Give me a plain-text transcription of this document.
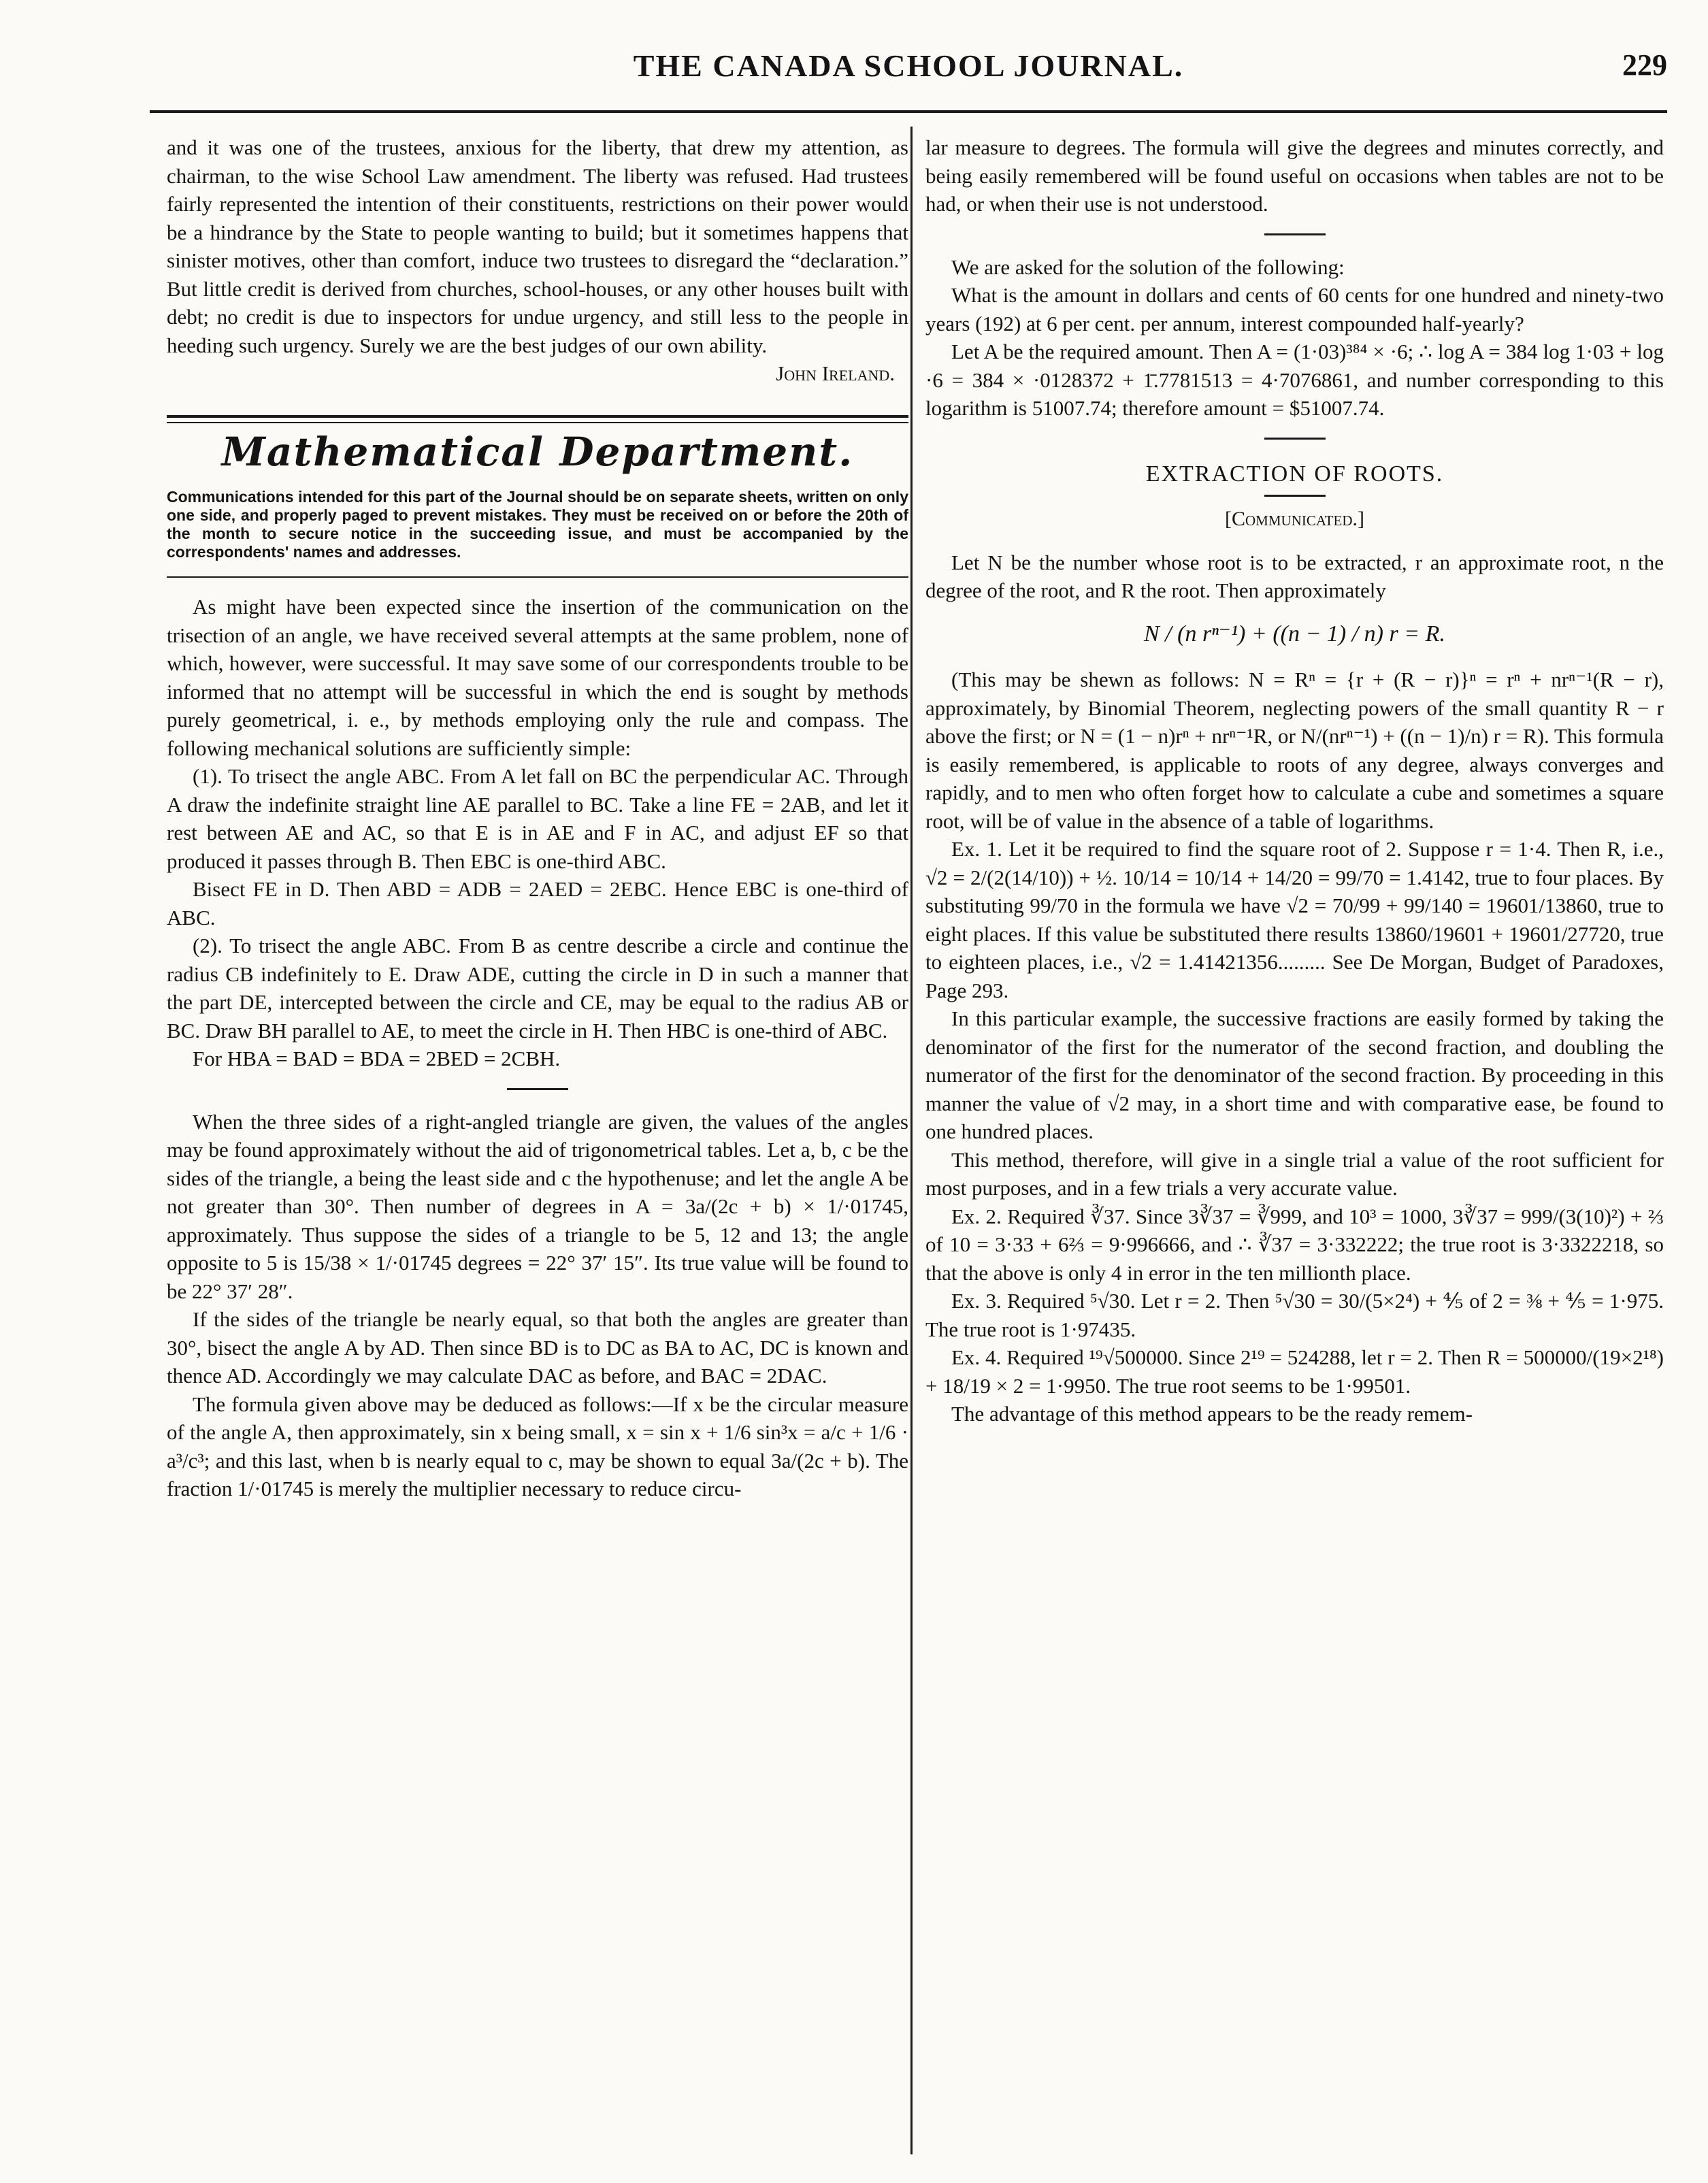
THE CANADA SCHOOL JOURNAL.	229

and it was one of the trustees, anxious for the liberty, that drew my attention, as chairman, to the wise School Law amendment. The liberty was refused. Had trustees fairly represented the intention of their constituents, restrictions on their power would be a hindrance by the State to people wanting to build; but it sometimes happens that sinister motives, other than comfort, induce two trustees to disregard the “declaration.” But little credit is derived from churches, school-houses, or any other houses built with debt; no credit is due to inspectors for undue urgency, and still less to the people in heeding such urgency. Surely we are the best judges of our own ability.

John Ireland.
Mathematical Department.

Communications intended for this part of the Journal should be on separate sheets, written on only one side, and properly paged to prevent mistakes. They must be received on or before the 20th of the month to secure notice in the succeeding issue, and must be accompanied by the correspondents' names and addresses.

As might have been expected since the insertion of the communication on the trisection of an angle, we have received several attempts at the same problem, none of which, however, were successful. It may save some of our correspondents trouble to be informed that no attempt will be successful in which the end is sought by methods purely geometrical, i. e., by methods employing only the rule and compass. The following mechanical solutions are sufficiently simple:

(1). To trisect the angle ABC. From A let fall on BC the perpendicular AC. Through A draw the indefinite straight line AE parallel to BC. Take a line FE = 2AB, and let it rest between AE and AC, so that E is in AE and F in AC, and adjust EF so that produced it passes through B. Then EBC is one-third ABC.

Bisect FE in D. Then ABD = ADB = 2AED = 2EBC. Hence EBC is one-third of ABC.

(2). To trisect the angle ABC. From B as centre describe a circle and continue the radius CB indefinitely to E. Draw ADE, cutting the circle in D in such a manner that the part DE, intercepted between the circle and CE, may be equal to the radius AB or BC. Draw BH parallel to AE, to meet the circle in H. Then HBC is one-third of ABC.

For HBA = BAD = BDA = 2BED = 2CBH.

When the three sides of a right-angled triangle are given, the values of the angles may be found approximately without the aid of trigonometrical tables. Let a, b, c be the sides of the triangle, a being the least side and c the hypothenuse; and let the angle A be not greater than 30°. Then number of degrees in A = 3a/(2c + b) × 1/·01745, approximately. Thus suppose the sides of a triangle to be 5, 12 and 13; the angle opposite to 5 is 15/38 × 1/·01745 degrees = 22° 37′ 15″. Its true value will be found to be 22° 37′ 28″.

If the sides of the triangle be nearly equal, so that both the angles are greater than 30°, bisect the angle A by AD. Then since BD is to DC as BA to AC, DC is known and thence AD. Accordingly we may calculate DAC as before, and BAC = 2DAC.

The formula given above may be deduced as follows:—If x be the circular measure of the angle A, then approximately, sin x being small, x = sin x + 1/6 sin³x = a/c + 1/6 · a³/c³; and this last, when b is nearly equal to c, may be shown to equal 3a/(2c + b). The fraction 1/·01745 is merely the multiplier necessary to reduce circu-

lar measure to degrees. The formula will give the degrees and minutes correctly, and being easily remembered will be found useful on occasions when tables are not to be had, or when their use is not understood.

We are asked for the solution of the following:

What is the amount in dollars and cents of 60 cents for one hundred and ninety-two years (192) at 6 per cent. per annum, interest compounded half-yearly?

Let A be the required amount. Then A = (1·03)³⁸⁴ × ·6; ∴ log A = 384 log 1·03 + log ·6 = 384 × ·0128372 + 1̄.7781513 = 4·7076861, and number corresponding to this logarithm is 51007.74; therefore amount = $51007.74.

EXTRACTION OF ROOTS.
[Communicated.]

Let N be the number whose root is to be extracted, r an approximate root, n the degree of the root, and R the root. Then approximately

N / (n rⁿ⁻¹) + ((n − 1) / n) r = R.

(This may be shewn as follows: N = Rⁿ = {r + (R − r)}ⁿ = rⁿ + nrⁿ⁻¹(R − r), approximately, by Binomial Theorem, neglecting powers of the small quantity R − r above the first; or N = (1 − n)rⁿ + nrⁿ⁻¹R, or N/(nrⁿ⁻¹) + ((n − 1)/n) r = R). This formula is easily remembered, is applicable to roots of any degree, always converges and rapidly, and to men who often forget how to calculate a cube and sometimes a square root, will be of value in the absence of a table of logarithms.

Ex. 1. Let it be required to find the square root of 2. Suppose r = 1·4. Then R, i.e., √2 = 2/(2(14/10)) + ½. 10/14 = 10/14 + 14/20 = 99/70 = 1.4142, true to four places. By substituting 99/70 in the formula we have √2 = 70/99 + 99/140 = 19601/13860, true to eight places. If this value be substituted there results 13860/19601 + 19601/27720, true to eighteen places, i.e., √2 = 1.41421356......... See De Morgan, Budget of Paradoxes, Page 293.

In this particular example, the successive fractions are easily formed by taking the denominator of the first for the numerator of the second fraction, and doubling the numerator of the first for the denominator of the second fraction. By proceeding in this manner the value of √2 may, in a short time and with comparative ease, be found to one hundred places.

This method, therefore, will give in a single trial a value of the root sufficient for most purposes, and in a few trials a very accurate value.

Ex. 2. Required ∛37. Since 3∛37 = ∛999, and 10³ = 1000, 3∛37 = 999/(3(10)²) + ⅔ of 10 = 3·33 + 6⅔ = 9·996666, and ∴ ∛37 = 3·332222; the true root is 3·3322218, so that the above is only 4 in error in the ten millionth place.

Ex. 3. Required ⁵√30. Let r = 2. Then ⁵√30 = 30/(5×2⁴) + ⅘ of 2 = ⅜ + ⅘ = 1·975. The true root is 1·97435.

Ex. 4. Required ¹⁹√500000. Since 2¹⁹ = 524288, let r = 2. Then R = 500000/(19×2¹⁸) + 18/19 × 2 = 1·9950. The true root seems to be 1·99501.

The advantage of this method appears to be the ready remem-
